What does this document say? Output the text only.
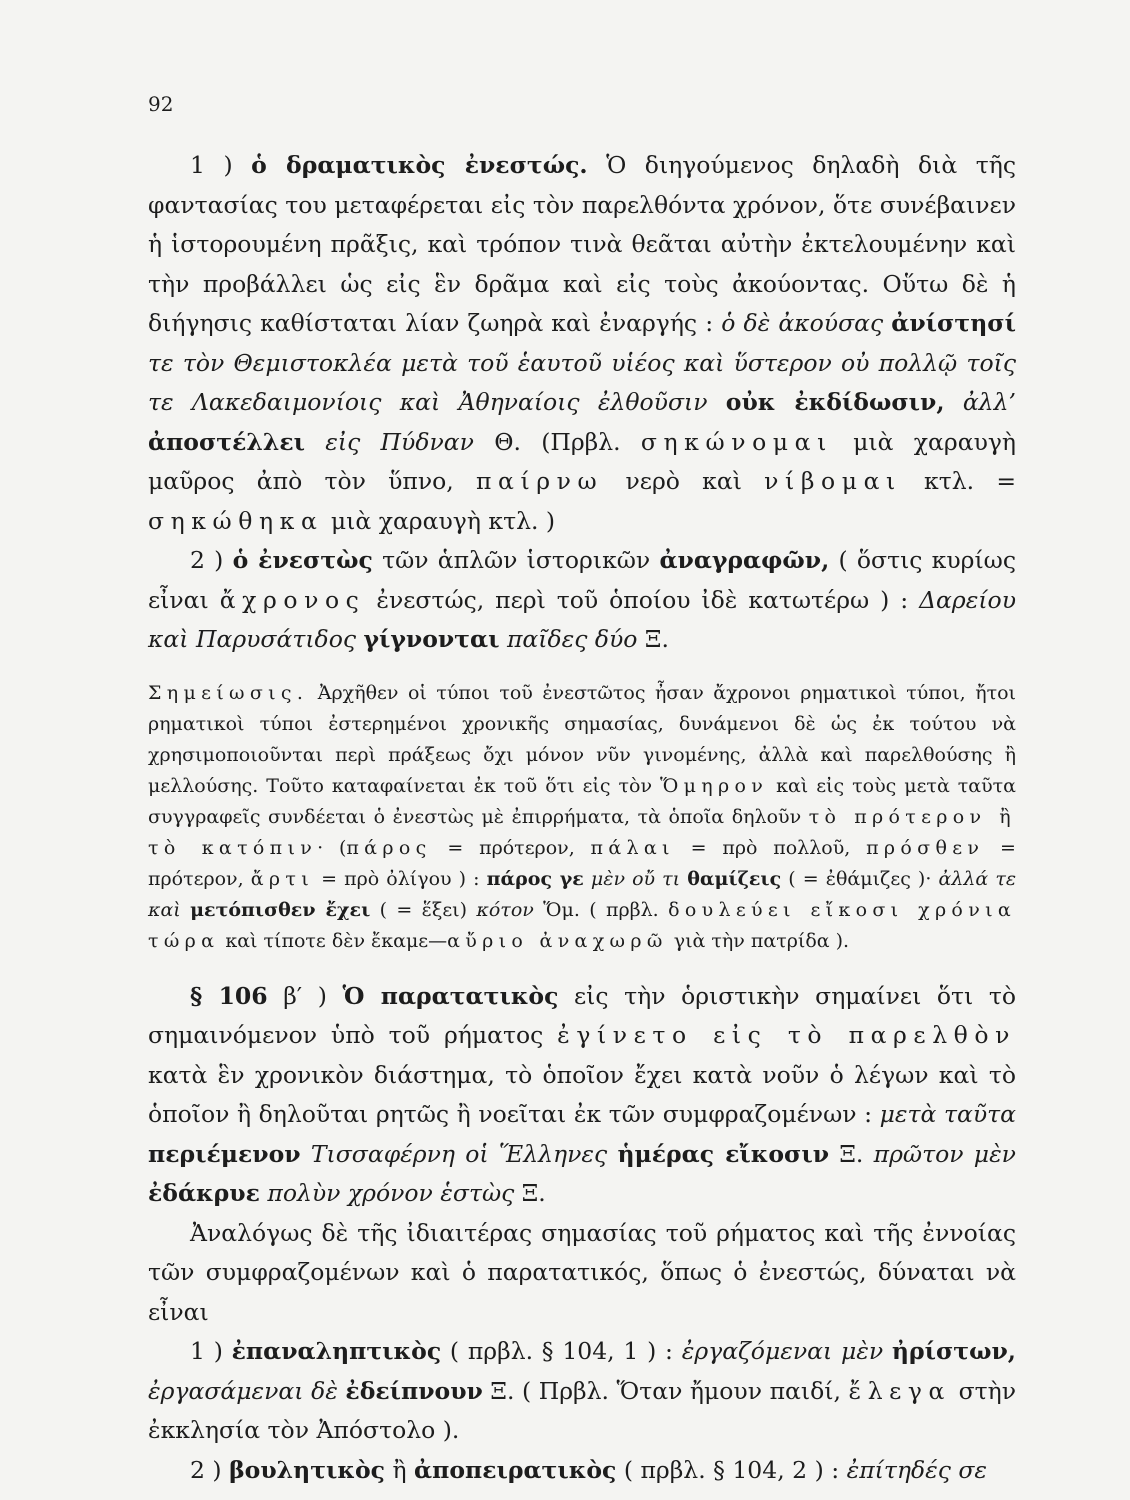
92

1 ) ὁ δραματικὸς ἐνεστώς. Ὁ διηγούμενος δηλαδὴ διὰ τῆς φαντασίας του μεταφέρεται εἰς τὸν παρελθόντα χρόνον, ὅτε συνέβαινεν ἡ ἱστορουμένη πρᾶξις, καὶ τρόπον τινὰ θεᾶται αὐτὴν ἐκτελουμένην καὶ τὴν προβάλλει ὡς εἰς ἓν δρᾶμα καὶ εἰς τοὺς ἀκούοντας. Οὕτω δὲ ἡ διήγησις καθίσταται λίαν ζωηρὰ καὶ ἐναργής : ὁ δὲ ἀκούσας ἀνίστησί τε τὸν Θεμιστοκλέα μετὰ τοῦ ἑαυτοῦ υἱέος καὶ ὕστερον οὐ πολλῷ τοῖς τε Λακεδαιμονίοις καὶ Ἀθηναίοις ἐλθοῦσιν οὐκ ἐκδίδωσιν, ἀλλ’ ἀποστέλλει εἰς Πύδναν Θ. (Πρβλ. σηκώνομαι μιὰ χαραυγὴ μαῦρος ἀπὸ τὸν ὕπνο, παίρνω νερὸ καὶ νίβομαι κτλ. = σηκώθηκα μιὰ χαραυγὴ κτλ. )

2 ) ὁ ἐνεστὼς τῶν ἁπλῶν ἱστορικῶν ἀναγραφῶν, ( ὅστις κυρίως εἶναι ἄχρονος ἐνεστώς, περὶ τοῦ ὁποίου ἰδὲ κατωτέρω ) : Δαρείου καὶ Παρυσάτιδος γίγνονται παῖδες δύο Ξ.

Σημείωσις. Ἀρχῆθεν οἱ τύποι τοῦ ἐνεστῶτος ἦσαν ἄχρονοι ρηματικοὶ τύποι, ἤτοι ρηματικοὶ τύποι ἐστερημένοι χρονικῆς σημασίας, δυνάμενοι δὲ ὡς ἐκ τούτου νὰ χρησιμοποιοῦνται περὶ πράξεως ὄχι μόνον νῦν γινομένης, ἀλλὰ καὶ παρελθούσης ἢ μελλούσης. Τοῦτο καταφαίνεται ἐκ τοῦ ὅτι εἰς τὸν Ὅμηρον καὶ εἰς τοὺς μετὰ ταῦτα συγγραφεῖς συνδέεται ὁ ἐνεστὼς μὲ ἐπιρρήματα, τὰ ὁποῖα δηλοῦν τὸ πρότερον ἢ τὸ κατόπιν· (πάρος = πρότερον, πάλαι = πρὸ πολλοῦ, πρόσθεν = πρότερον, ἄρτι = πρὸ ὀλίγου ) : πάρος γε μὲν οὔ τι θαμίζεις ( = ἐθάμιζες )· ἀλλά τε καὶ μετόπισθεν ἔχει ( = ἕξει) κότον Ὅμ. ( πρβλ. δουλεύει εἴκοσι χρόνια τώρα καὶ τίποτε δὲν ἔκαμε—αὔριο ἀναχωρῶ γιὰ τὴν πατρίδα ).

§ 106 β′ ) Ὁ παρατατικὸς εἰς τὴν ὁριστικὴν σημαίνει ὅτι τὸ σημαινόμενον ὑπὸ τοῦ ρήματος ἐγίνετο εἰς τὸ παρελθὸν κατὰ ἓν χρονικὸν διάστημα, τὸ ὁποῖον ἔχει κατὰ νοῦν ὁ λέγων καὶ τὸ ὁποῖον ἢ δηλοῦται ρητῶς ἢ νοεῖται ἐκ τῶν συμφραζομένων : μετὰ ταῦτα περιέμενον Τισσαφέρνη οἱ Ἕλληνες ἡμέρας εἴκοσιν Ξ. πρῶτον μὲν ἐδάκρυε πολὺν χρόνον ἑστὼς Ξ.

Ἀναλόγως δὲ τῆς ἰδιαιτέρας σημασίας τοῦ ρήματος καὶ τῆς ἐννοίας τῶν συμφραζομένων καὶ ὁ παρατατικός, ὅπως ὁ ἐνεστώς, δύναται νὰ εἶναι

1 ) ἐπαναληπτικὸς ( πρβλ. § 104, 1 ) : ἐργαζόμεναι μὲν ἠρίστων, ἐργασάμεναι δὲ ἐδείπνουν Ξ. ( Πρβλ. Ὅταν ἤμουν παιδί, ἔλεγα στὴν ἐκκλησία τὸν Ἀπόστολο ).

2 ) βουλητικὸς ἢ ἀποπειρατικὸς ( πρβλ. § 104, 2 ) : ἐπίτηδές σε
